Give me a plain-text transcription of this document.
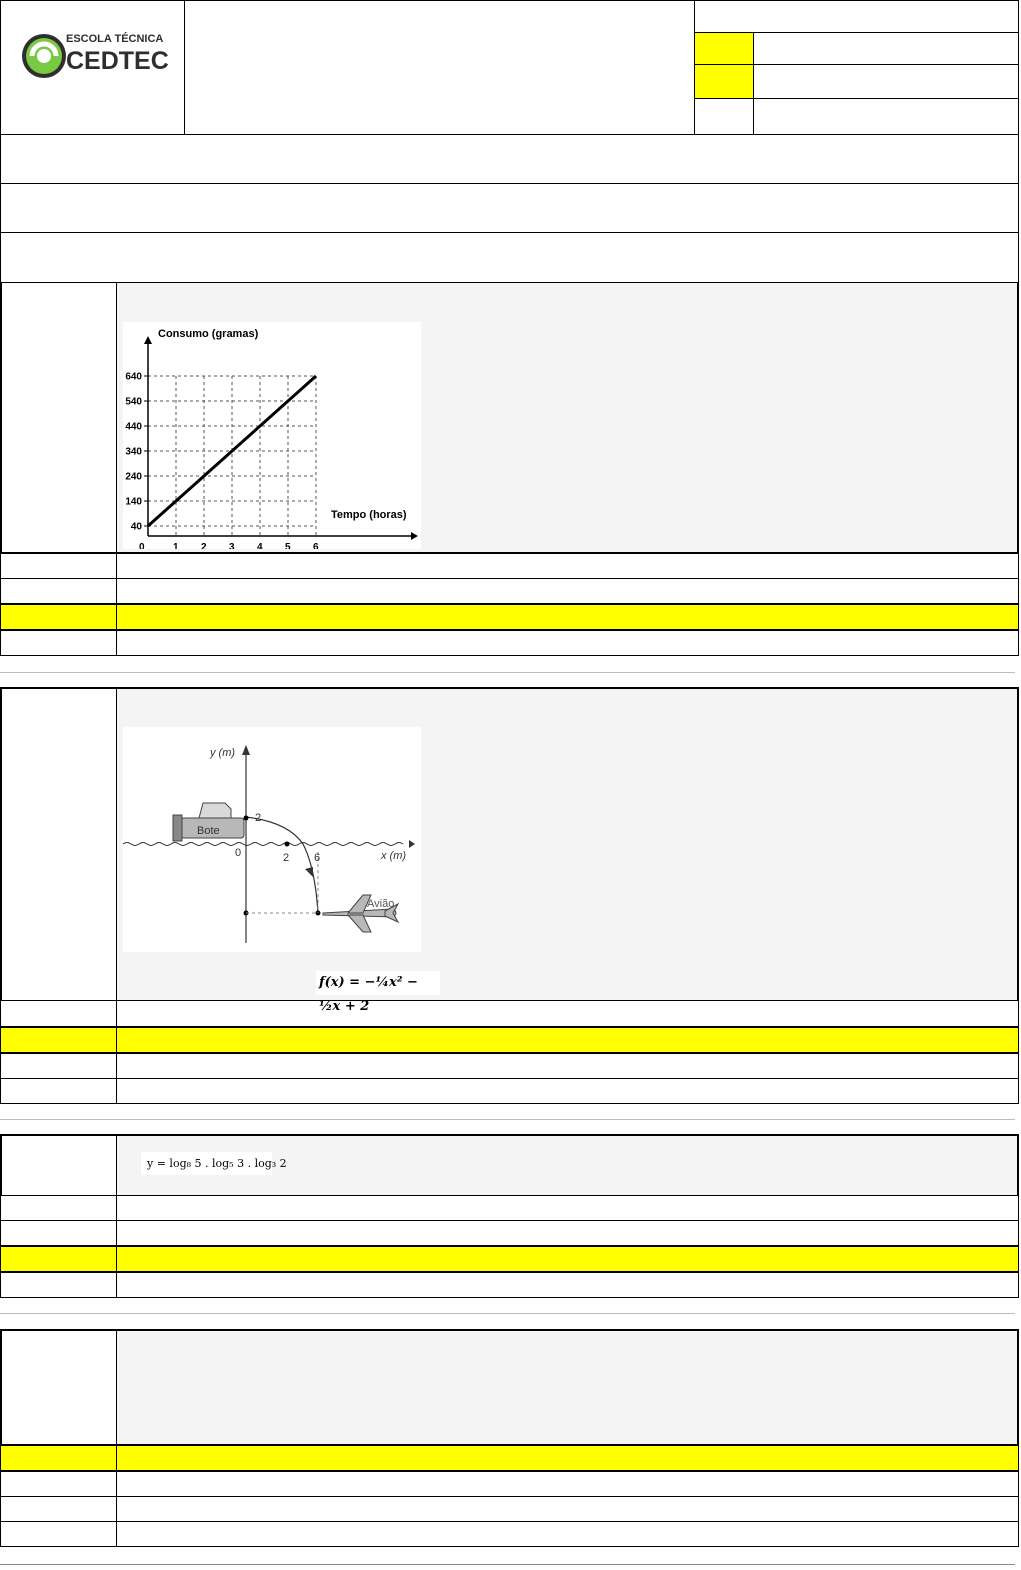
ESCOLA TÉCNICA
CEDTEC
0	1 2 3 4 5 6
40
140
240
340
440
540
640
Consumo (gramas)
Tempo (horas)
y (m)
x (m)
Bote
2
0	2 6
Avião
f(x) = −¼x² − ½x + 2
y = log₈ 5 . log₅ 3 . log₃ 2
